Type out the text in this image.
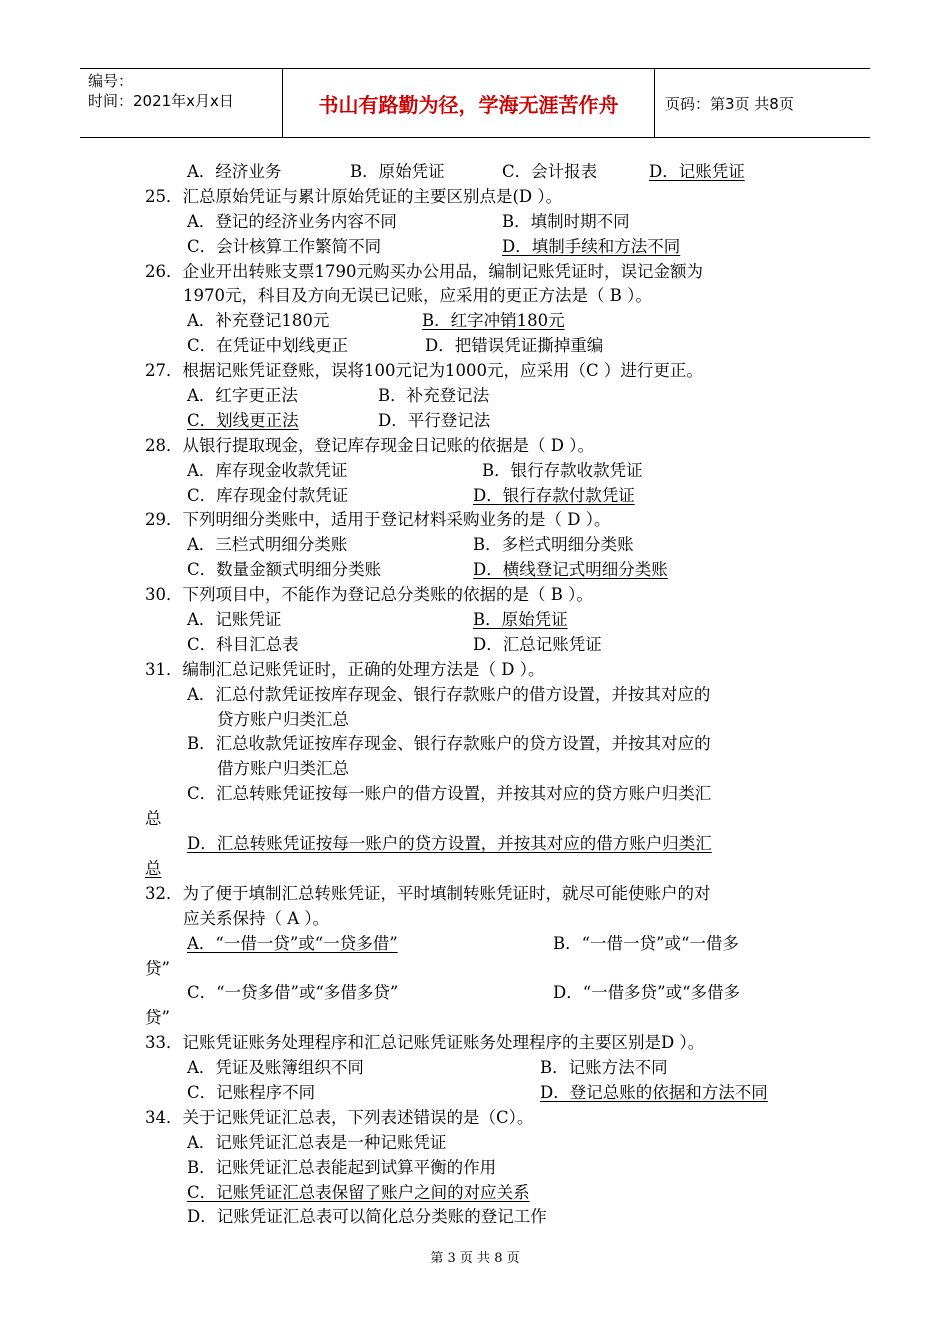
编号：
时间：2021年x月x日	书山有路勤为径，学海无涯苦作舟	页码：第3页 共8页
A．经济业务	B．原始凭证	C．会计报表	D．记账凭证
25．汇总原始凭证与累计原始凭证的主要区别点是(D ）。
A．登记的经济业务内容不同	B．填制时期不同
C．会计核算工作繁简不同	D．填制手续和方法不同
26．企业开出转账支票1790元购买办公用品，编制记账凭证时，误记金额为
1970元，科目及方向无误已记账，应采用的更正方法是（ B ）。
A．补充登记180元	B．红字冲销180元
C．在凭证中划线更正	D．把错误凭证撕掉重编
27．根据记账凭证登账，误将100元记为1000元，应采用（C ）进行更正。
A．红字更正法	B．补充登记法
C．划线更正法	D．平行登记法
28．从银行提取现金，登记库存现金日记账的依据是（ D ）。
A．库存现金收款凭证	B．银行存款收款凭证
C．库存现金付款凭证	D．银行存款付款凭证
29．下列明细分类账中，适用于登记材料采购业务的是（ D ）。
A．三栏式明细分类账	B．多栏式明细分类账
C．数量金额式明细分类账	D．横线登记式明细分类账
30．下列项目中，不能作为登记总分类账的依据的是（ B ）。
A．记账凭证	B．原始凭证
C．科目汇总表	D．汇总记账凭证
31．编制汇总记账凭证时，正确的处理方法是（ D ）。
A．汇总付款凭证按库存现金、银行存款账户的借方设置，并按其对应的
贷方账户归类汇总
B．汇总收款凭证按库存现金、银行存款账户的贷方设置，并按其对应的
借方账户归类汇总
C．汇总转账凭证按每一账户的借方设置，并按其对应的贷方账户归类汇
总
D．汇总转账凭证按每一账户的贷方设置，并按其对应的借方账户归类汇
总
32．为了便于填制汇总转账凭证，平时填制转账凭证时，就尽可能使账户的对
应关系保持（ A ）。
A．“一借一贷”或“一贷多借”	B．“一借一贷”或“一借多
贷”
C．“一贷多借”或“多借多贷”	D．“一借多贷”或“多借多
贷”
33．记账凭证账务处理程序和汇总记账凭证账务处理程序的主要区别是D ）。
A．凭证及账簿组织不同	B．记账方法不同
C．记账程序不同	D．登记总账的依据和方法不同
34．关于记账凭证汇总表，下列表述错误的是（C）。
A．记账凭证汇总表是一种记账凭证
B．记账凭证汇总表能起到试算平衡的作用
C．记账凭证汇总表保留了账户之间的对应关系
D．记账凭证汇总表可以简化总分类账的登记工作
第 3 页 共 8 页
